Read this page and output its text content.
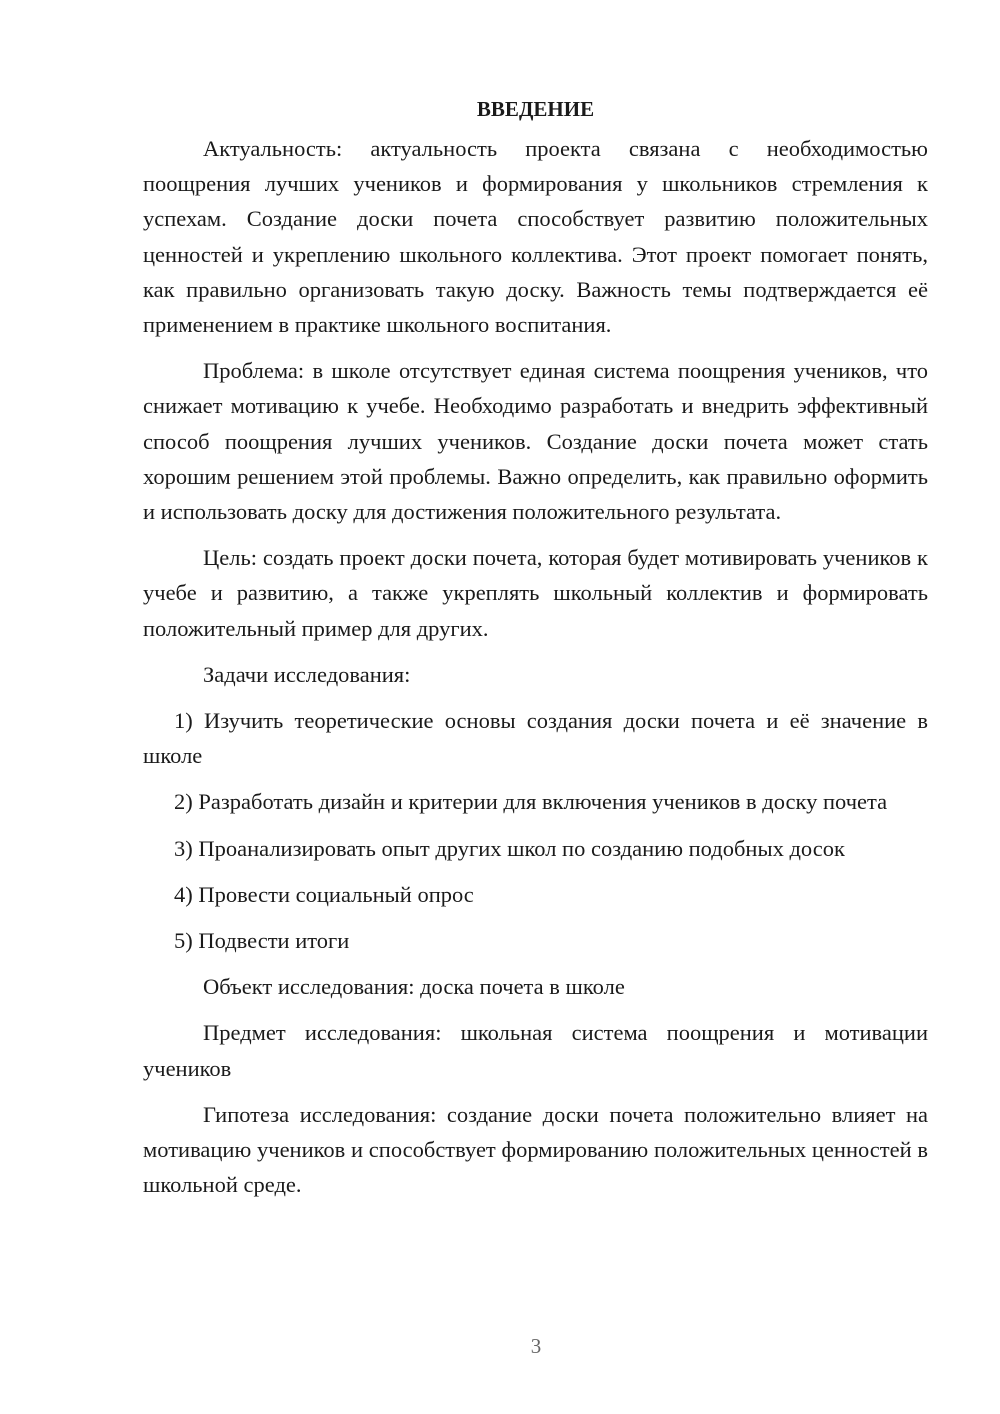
ВВЕДЕНИЕ

Актуальность: актуальность проекта связана с необходимостью поощрения лучших учеников и формирования у школьников стремления к успехам. Создание доски почета способствует развитию положительных ценностей и укреплению школьного коллектива. Этот проект помогает понять, как правильно организовать такую доску. Важность темы подтверждается её применением в практике школьного воспитания.

Проблема: в школе отсутствует единая система поощрения учеников, что снижает мотивацию к учебе. Необходимо разработать и внедрить эффективный способ поощрения лучших учеников. Создание доски почета может стать хорошим решением этой проблемы. Важно определить, как правильно оформить и использовать доску для достижения положительного результата.

Цель: создать проект доски почета, которая будет мотивировать учеников к учебе и развитию, а также укреплять школьный коллектив и формировать положительный пример для других.

Задачи исследования:

1) Изучить теоретические основы создания доски почета и её значение в школе
2) Разработать дизайн и критерии для включения учеников в доску почета
3) Проанализировать опыт других школ по созданию подобных досок
4) Провести социальный опрос
5) Подвести итоги

Объект исследования: доска почета в школе

Предмет исследования: школьная система поощрения и мотивации учеников

Гипотеза исследования: создание доски почета положительно влияет на мотивацию учеников и способствует формированию положительных ценностей в школьной среде.

3
